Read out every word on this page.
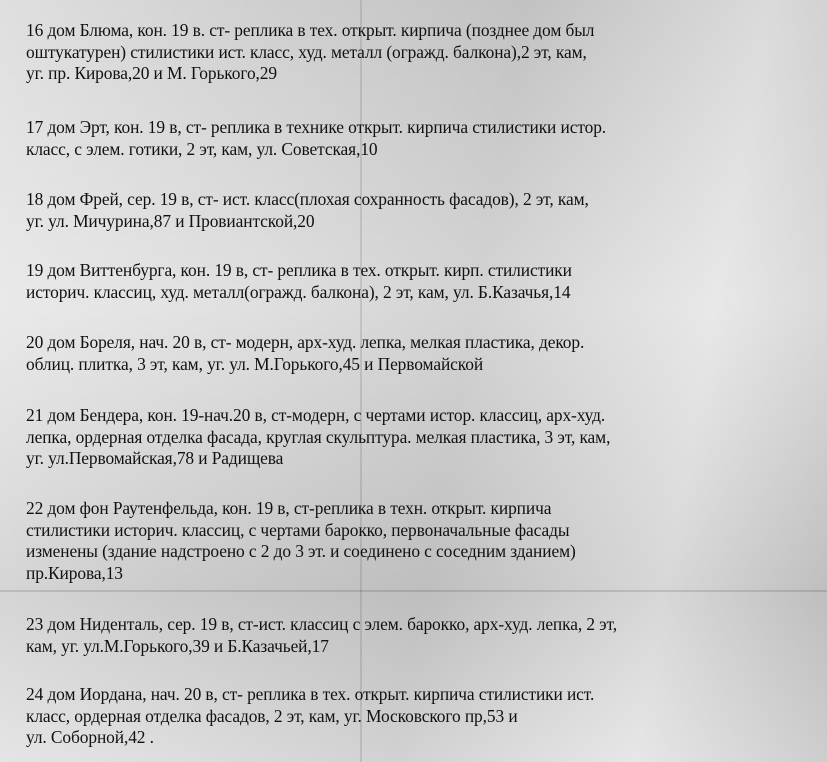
16 дом Блюма, кон. 19 в. ст- реплика в тех. открыт. кирпича (позднее дом был
оштукатурен) стилистики ист. класс, худ. металл (огражд. балкона),2 эт, кам,
уг. пр. Кирова,20 и М. Горького,29
17 дом Эрт, кон. 19 в, ст- реплика в технике открыт. кирпича стилистики истор.
класс, с элем. готики, 2 эт, кам, ул. Советская,10
18 дом Фрей, сер. 19 в, ст- ист. класс(плохая сохранность фасадов), 2 эт, кам,
уг. ул. Мичурина,87 и Провиантской,20
19 дом Виттенбурга, кон. 19 в, ст- реплика в тех. открыт. кирп. стилистики
историч. классиц, худ. металл(огражд. балкона), 2 эт, кам, ул. Б.Казачья,14
20 дом Бореля, нач. 20 в, ст- модерн, арх-худ. лепка, мелкая пластика, декор.
облиц. плитка, 3 эт, кам, уг. ул. М.Горького,45 и Первомайской
21 дом Бендера, кон. 19-нач.20 в, ст-модерн, с чертами истор. классиц, арх-худ.
лепка, ордерная отделка фасада, круглая скульптура. мелкая пластика, 3 эт, кам,
уг. ул.Первомайская,78 и Радищева
22 дом фон Раутенфельда, кон. 19 в, ст-реплика в техн. открыт. кирпича
стилистики историч. классиц, с чертами барокко, первоначальные фасады
изменены (здание надстроено с 2 до 3 эт. и соединено с соседним зданием)
пр.Кирова,13
23 дом Ниденталь, сер. 19 в, ст-ист. классиц с элем. барокко, арх-худ. лепка, 2 эт,
кам, уг. ул.М.Горького,39 и Б.Казачьей,17
24 дом Иордана, нач. 20 в, ст- реплика в тех. открыт. кирпича стилистики ист.
класс, ордерная отделка фасадов, 2 эт, кам, уг. Московского пр,53 и
ул. Соборной,42 .
